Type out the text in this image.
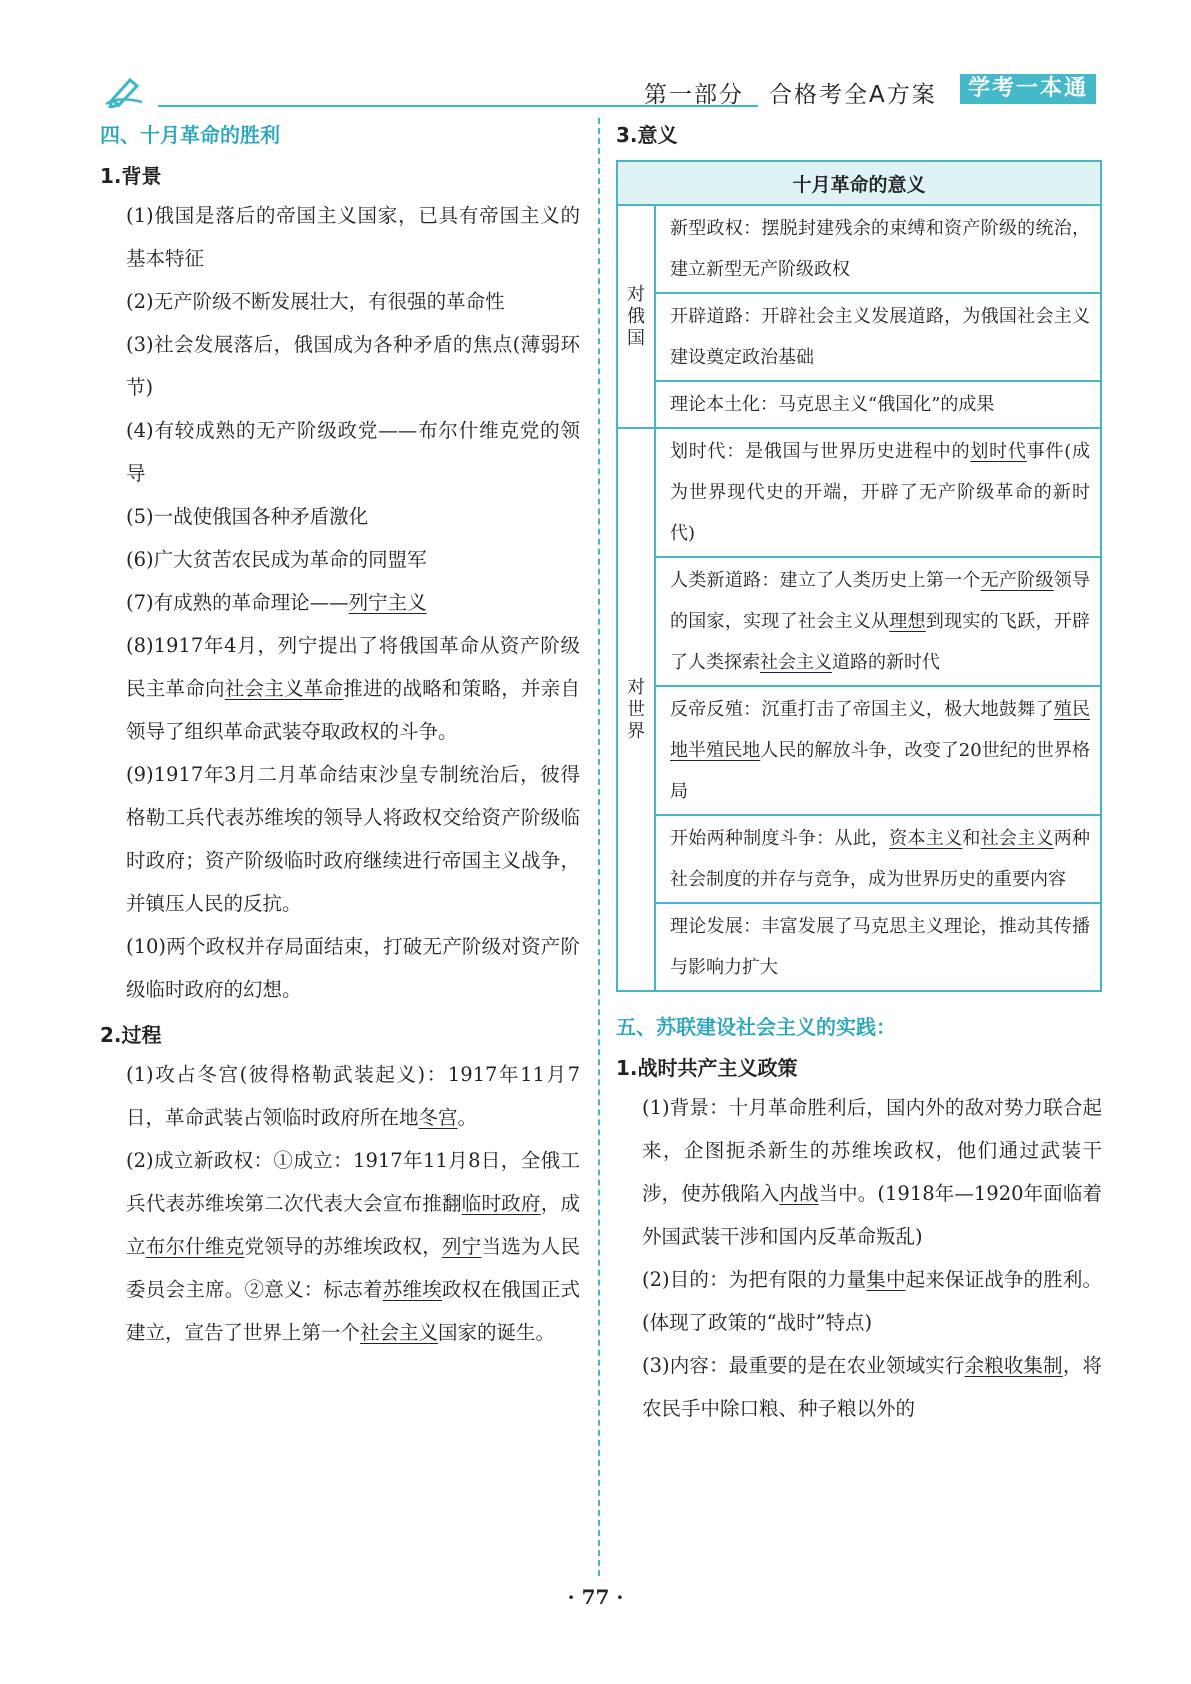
第一部分　合格考全A方案	学考一本通
四、十月革命的胜利
1.背景
(1)俄国是落后的帝国主义国家，已具有帝国主义的基本特征
(2)无产阶级不断发展壮大，有很强的革命性
(3)社会发展落后，俄国成为各种矛盾的焦点(薄弱环节)
(4)有较成熟的无产阶级政党——布尔什维克党的领导
(5)一战使俄国各种矛盾激化
(6)广大贫苦农民成为革命的同盟军
(7)有成熟的革命理论——列宁主义
(8)1917年4月，列宁提出了将俄国革命从资产阶级民主革命向社会主义革命推进的战略和策略，并亲自领导了组织革命武装夺取政权的斗争。
(9)1917年3月二月革命结束沙皇专制统治后，彼得格勒工兵代表苏维埃的领导人将政权交给资产阶级临时政府；资产阶级临时政府继续进行帝国主义战争，并镇压人民的反抗。
(10)两个政权并存局面结束，打破无产阶级对资产阶级临时政府的幻想。
2.过程
(1)攻占冬宫(彼得格勒武装起义)：1917年11月7日，革命武装占领临时政府所在地冬宫。
(2)成立新政权：①成立：1917年11月8日，全俄工兵代表苏维埃第二次代表大会宣布推翻临时政府，成立布尔什维克党领导的苏维埃政权，列宁当选为人民委员会主席。②意义：标志着苏维埃政权在俄国正式建立，宣告了世界上第一个社会主义国家的诞生。
3.意义
十月革命的意义	
对俄国	新型政权：摆脱封建残余的束缚和资产阶级的统治，建立新型无产阶级政权
	开辟道路：开辟社会主义发展道路，为俄国社会主义建设奠定政治基础
	理论本土化：马克思主义“俄国化”的成果
对世界	划时代：是俄国与世界历史进程中的划时代事件(成为世界现代史的开端，开辟了无产阶级革命的新时代)
	人类新道路：建立了人类历史上第一个无产阶级领导的国家，实现了社会主义从理想到现实的飞跃，开辟了人类探索社会主义道路的新时代
	反帝反殖：沉重打击了帝国主义，极大地鼓舞了殖民地半殖民地人民的解放斗争，改变了20世纪的世界格局
	开始两种制度斗争：从此，资本主义和社会主义两种社会制度的并存与竞争，成为世界历史的重要内容
	理论发展：丰富发展了马克思主义理论，推动其传播与影响力扩大
五、苏联建设社会主义的实践：
1.战时共产主义政策
(1)背景：十月革命胜利后，国内外的敌对势力联合起来，企图扼杀新生的苏维埃政权，他们通过武装干涉，使苏俄陷入内战当中。(1918年—1920年面临着外国武装干涉和国内反革命叛乱)
(2)目的：为把有限的力量集中起来保证战争的胜利。(体现了政策的“战时”特点)
(3)内容：最重要的是在农业领域实行余粮收集制，将农民手中除口粮、种子粮以外的
· 77 ·
